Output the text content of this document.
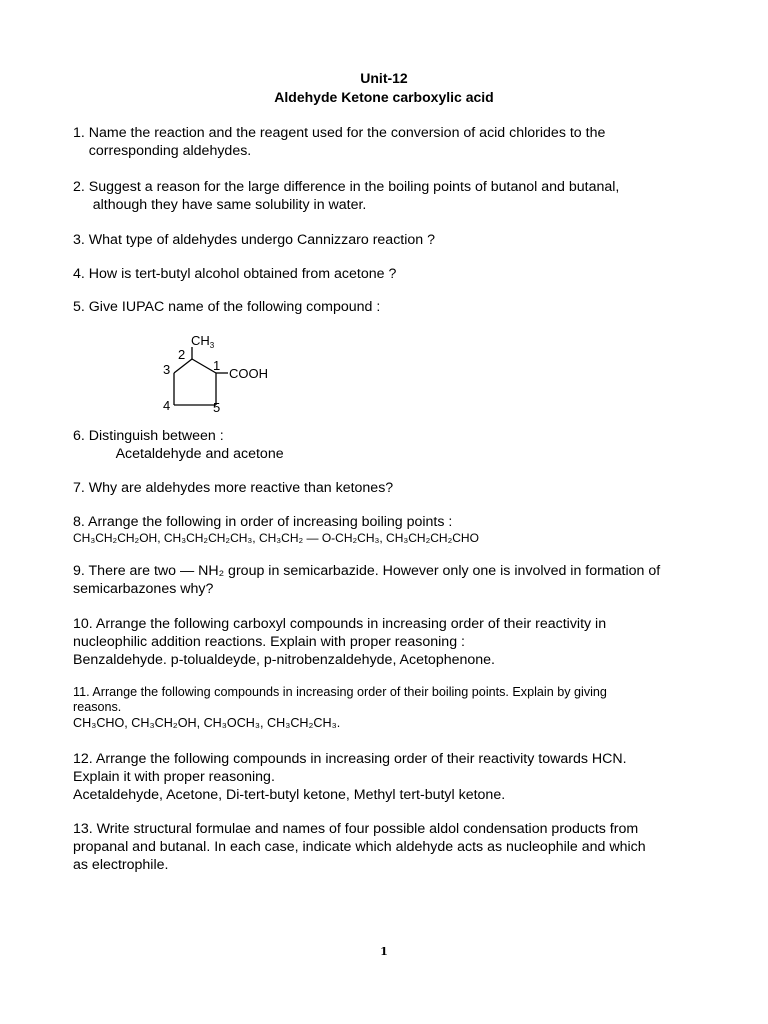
Unit-12
Aldehyde Ketone carboxylic acid
1. Name the reaction and the reagent used for the conversion of acid chlorides to the
corresponding aldehydes.
2. Suggest a reason for the large difference in the boiling points of butanol and butanal,
although they have same solubility in water.
3. What type of aldehydes undergo Cannizzaro reaction ?
4. How is tert-butyl alcohol obtained from acetone ?
5. Give IUPAC name of the following compound :
$CH_3$
COOH
1
2
3
4	5
6. Distinguish between :
Acetaldehyde and acetone
7. Why are aldehydes more reactive than ketones?
8. Arrange the following in order of increasing boiling points :
CH₃CH₂CH₂OH, CH₃CH₂CH₂CH₃, CH₃CH₂ — O-CH₂CH₃, CH₃CH₂CH₂CHO
9. There are two — NH₂ group in semicarbazide. However only one is involved in formation of
semicarbazones why?
10. Arrange the following carboxyl compounds in increasing order of their reactivity in
nucleophilic addition reactions. Explain with proper reasoning :
Benzaldehyde. p-tolualdeyde, p-nitrobenzaldehyde, Acetophenone.
11. Arrange the following compounds in increasing order of their boiling points. Explain by giving
reasons.
CH₃CHO, CH₃CH₂OH, CH₃OCH₃, CH₃CH₂CH₃.
12. Arrange the following compounds in increasing order of their reactivity towards HCN.
Explain it with proper reasoning.
Acetaldehyde, Acetone, Di-tert-butyl ketone, Methyl tert-butyl ketone.
13. Write structural formulae and names of four possible aldol condensation products from
propanal and butanal. In each case, indicate which aldehyde acts as nucleophile and which
as electrophile.
1
